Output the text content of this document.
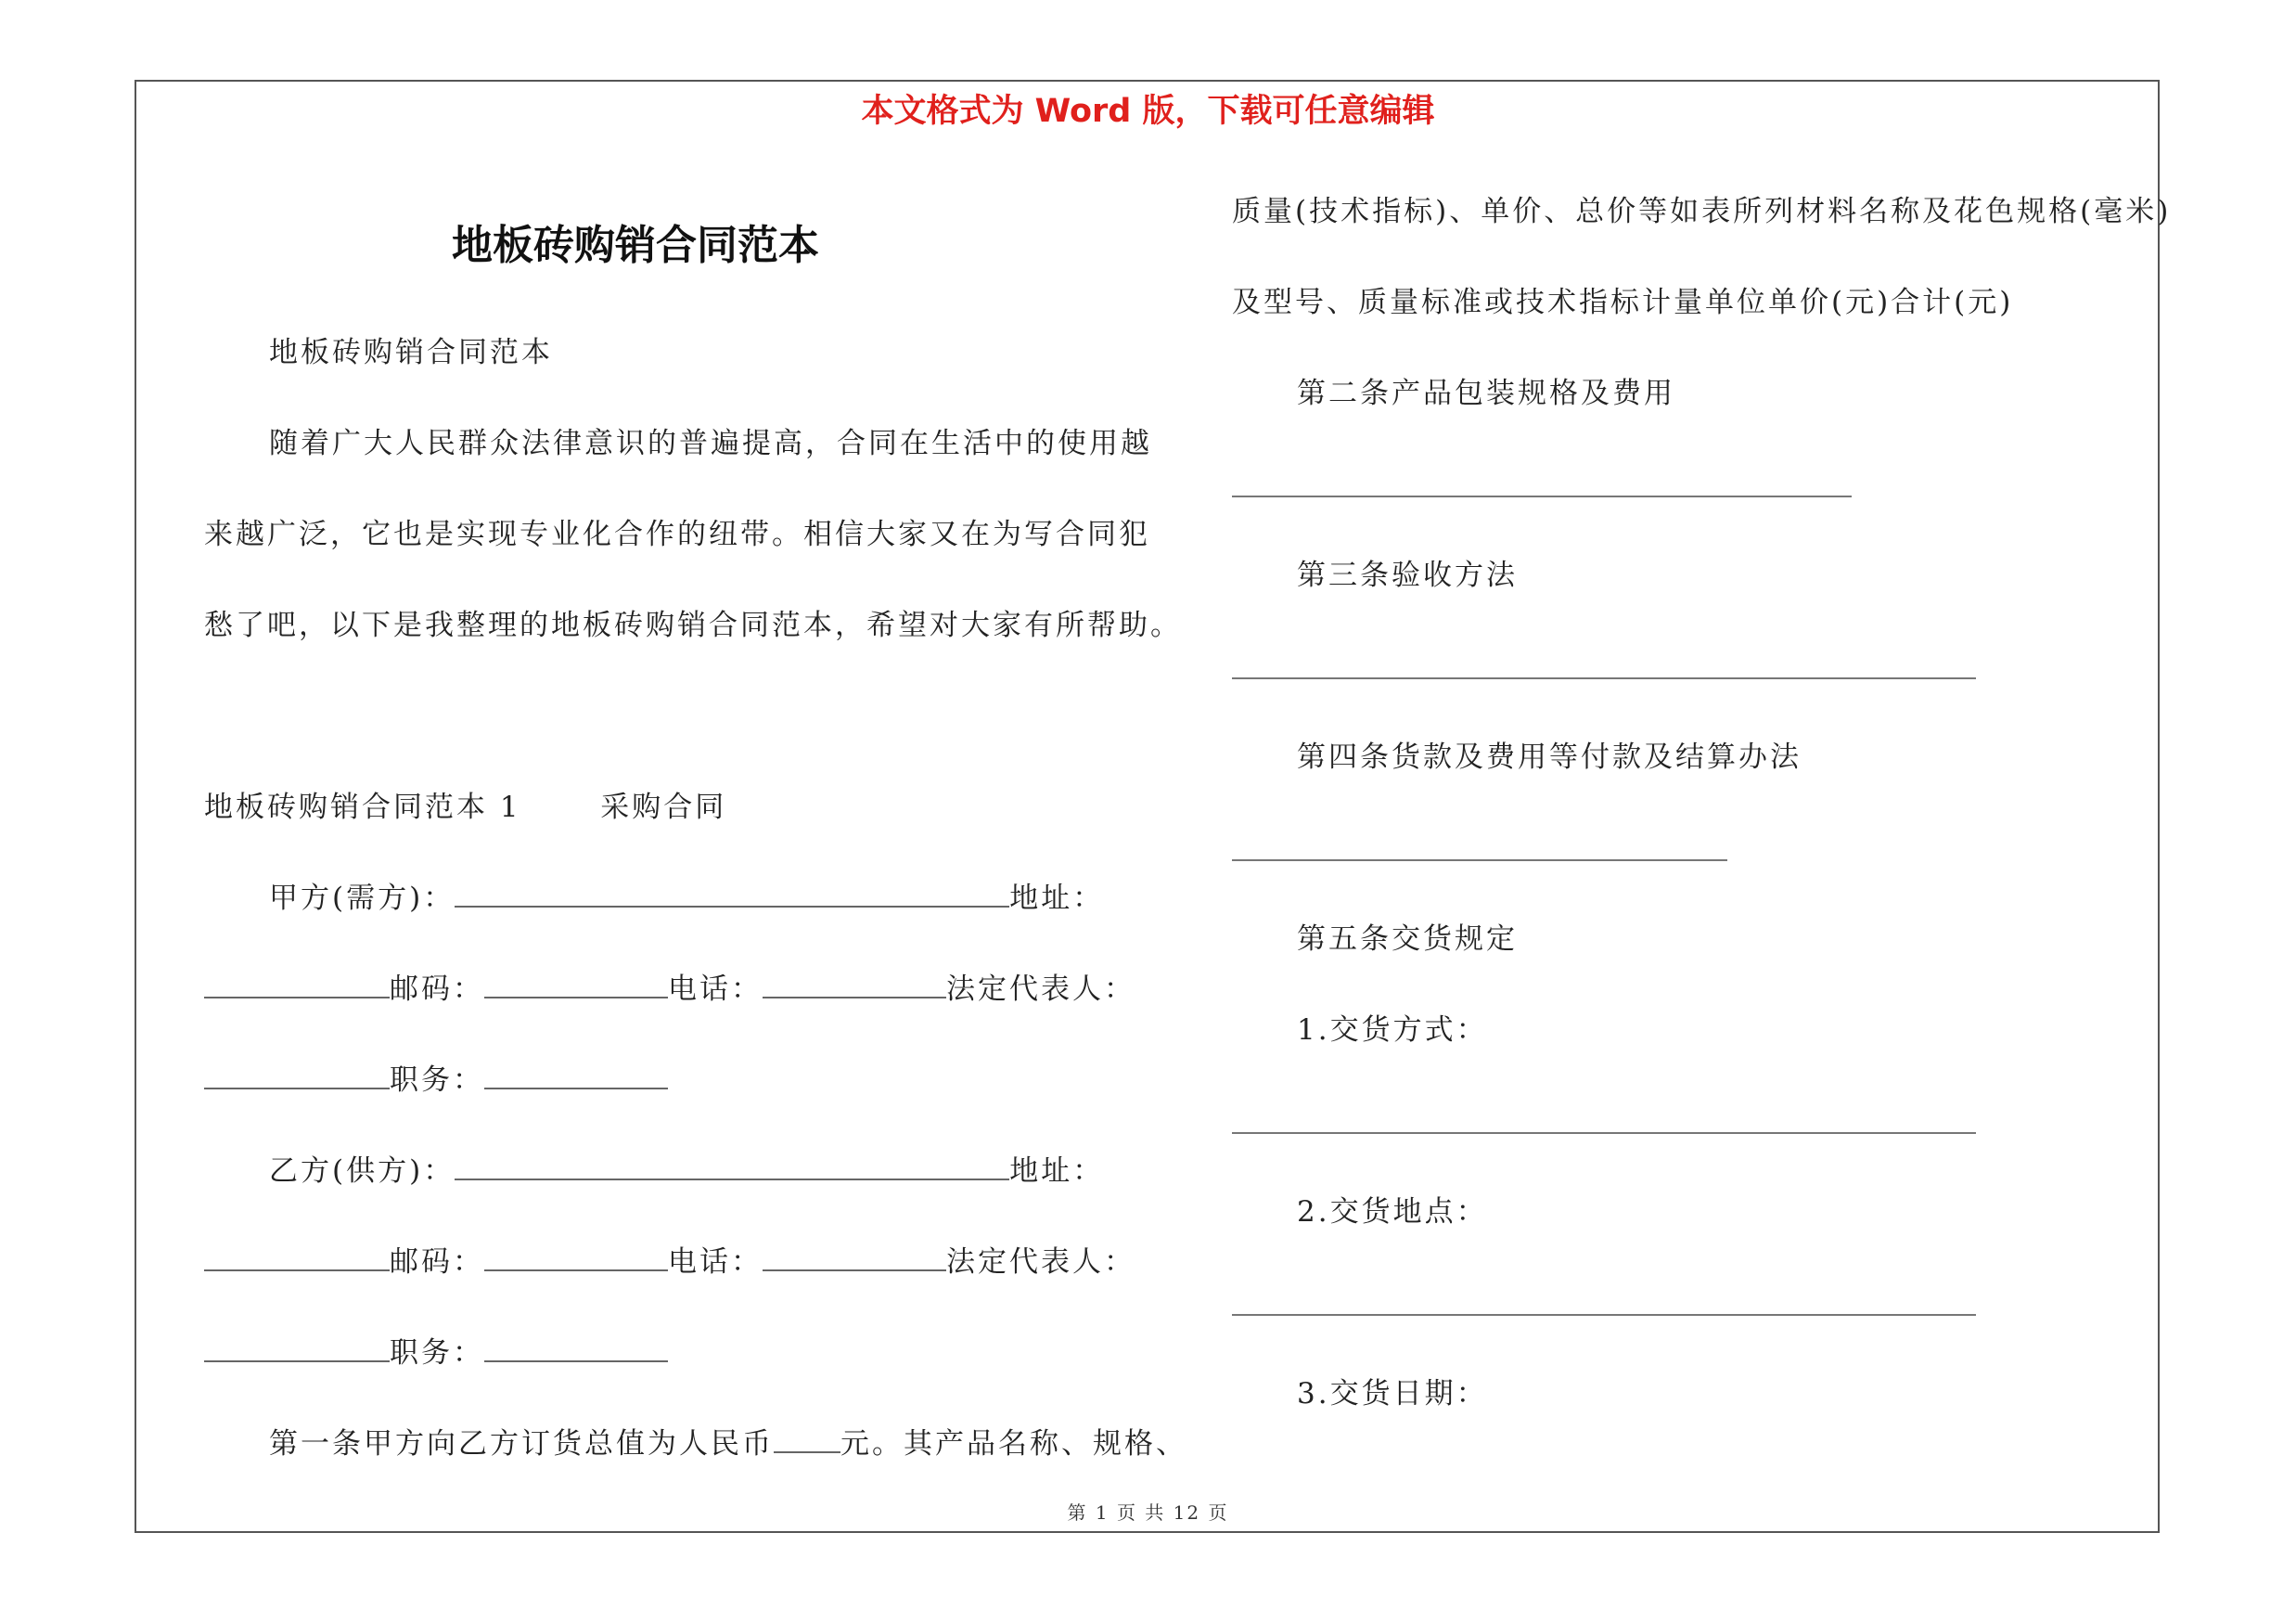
本文格式为 Word 版，下载可任意编辑
地板砖购销合同范本
地板砖购销合同范本
随着广大人民群众法律意识的普遍提高，合同在生活中的使用越
来越广泛，它也是实现专业化合作的纽带。相信大家又在为写合同犯
愁了吧，以下是我整理的地板砖购销合同范本，希望对大家有所帮助。
地板砖购销合同范本 1	采购合同
甲方(需方)：	地址：
邮码：	电话：	法定代表人：
职务：
乙方(供方)：	地址：
邮码：	电话：	法定代表人：
职务：
第一条甲方向乙方订货总值为人民币 元。其产品名称、规格、
质量(技术指标)、单价、总价等如表所列材料名称及花色规格(毫米)
及型号、质量标准或技术指标计量单位单价(元)合计(元)
第二条产品包装规格及费用
第三条验收方法
第四条货款及费用等付款及结算办法
第五条交货规定
1.交货方式：
2.交货地点：
3.交货日期：
第 1 页 共 12 页
